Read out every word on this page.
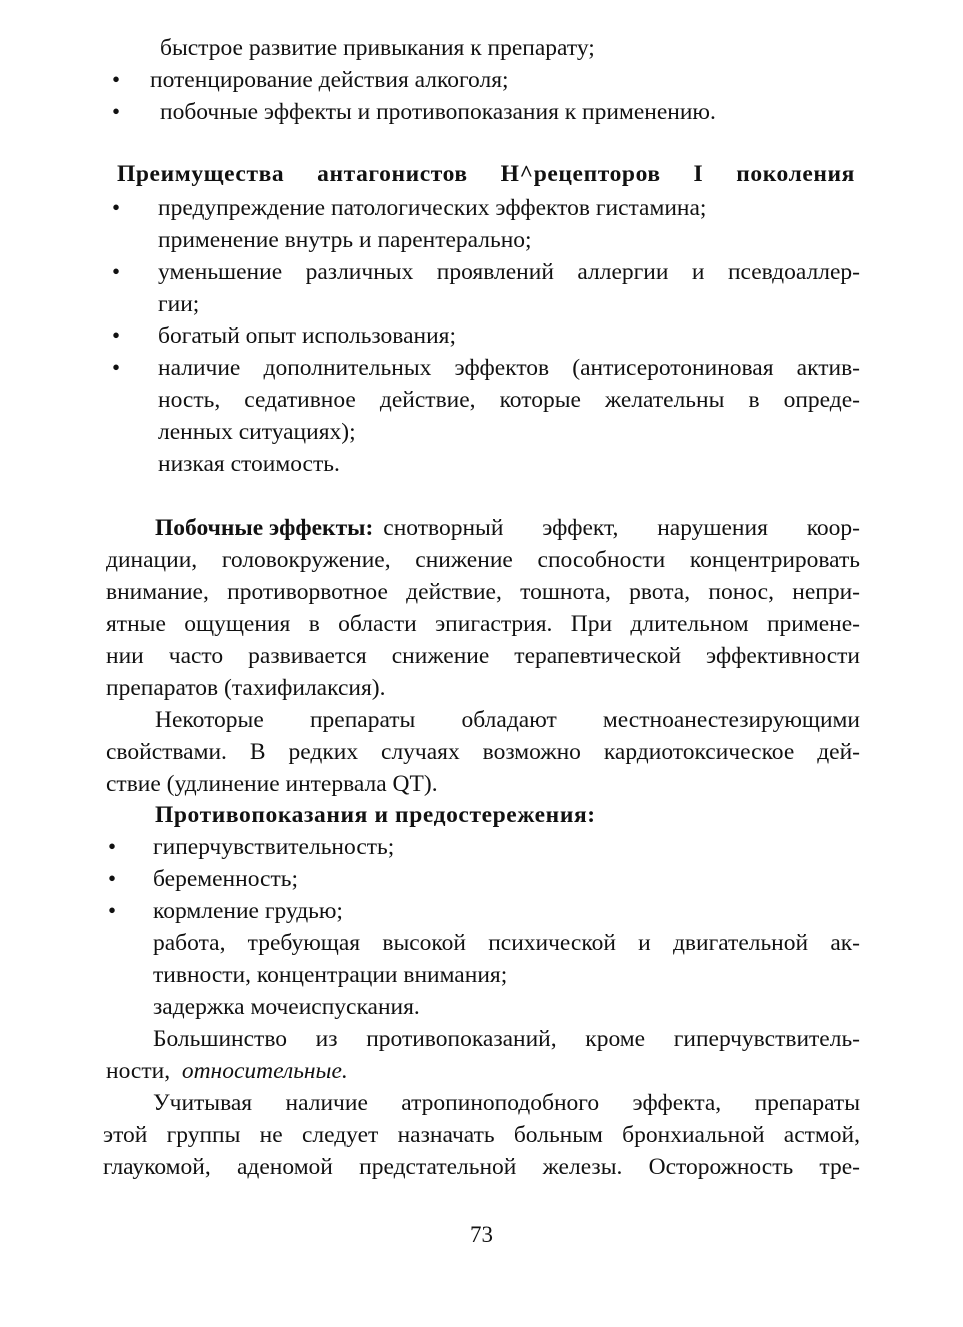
быстрое развитие привыкания к препарату;
• потенцирование действия алкоголя;
• побочные эффекты и противопоказания к применению.
Преимущества антагонистов Н^рецепторов I поколения
• предупреждение патологических эффектов гистамина;
применение внутрь и парентерально;
• уменьшение различных проявлений аллергии и псевдоаллер-
гии;
• богатый опыт использования;
• наличие дополнительных эффектов (антисеротониновая актив-
ность, седативное действие, которые желательны в опреде-
ленных ситуациях);
низкая стоимость.
Побочные эффекты: снотворный эффект, нарушения коор-
динации, головокружение, снижение способности концентрировать
внимание, противорвотное действие, тошнота, рвота, понос, непри-
ятные ощущения в области эпигастрия. При длительном примене-
нии часто развивается снижение терапевтической эффективности
препаратов (тахифилаксия).
Некоторые препараты обладают местноанестезирующими
свойствами. В редких случаях возможно кардиотоксическое дей-
ствие (удлинение интервала QT).
Противопоказания и предостережения:
• гиперчувствительность;
• беременность;
• кормление грудью;
работа, требующая высокой психической и двигательной ак-
тивности, концентрации внимания;
задержка мочеиспускания.
Большинство из противопоказаний, кроме гиперчувствитель-
ности, относительные.
Учитывая наличие атропиноподобного эффекта, препараты
этой группы не следует назначать больным бронхиальной астмой,
глаукомой, аденомой предстательной железы. Осторожность тре-
73
